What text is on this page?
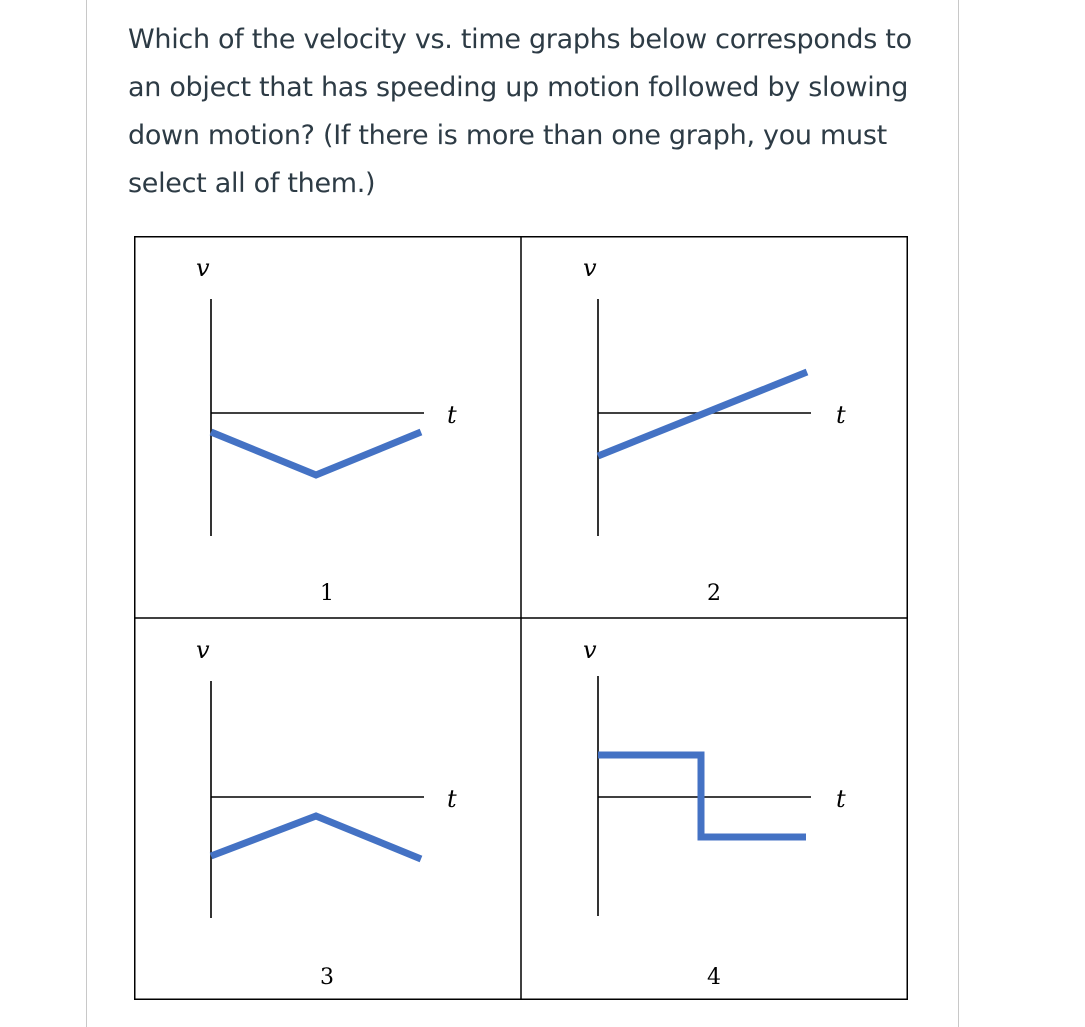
Which of the velocity vs. time graphs below corresponds to an object that has speeding up motion followed by slowing down motion? (If there is more than one graph, you must select all of them.)

v
t
1
v
t
2
v
t
3
v
t
4
